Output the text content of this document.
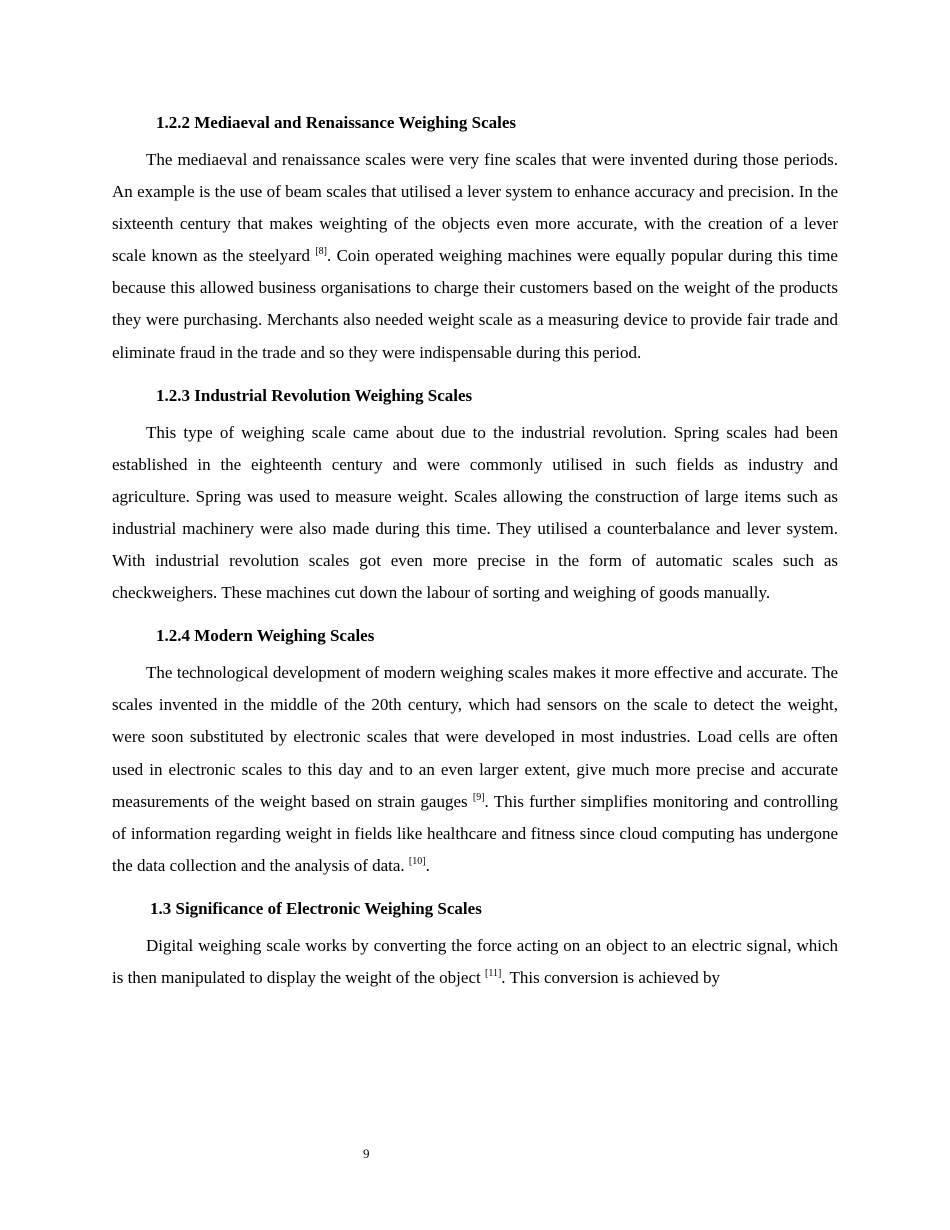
1.2.2 Mediaeval and Renaissance Weighing Scales

The mediaeval and renaissance scales were very fine scales that were invented during those periods. An example is the use of beam scales that utilised a lever system to enhance accuracy and precision. In the sixteenth century that makes weighting of the objects even more accurate, with the creation of a lever scale known as the steelyard [8]. Coin operated weighing machines were equally popular during this time because this allowed business organisations to charge their customers based on the weight of the products they were purchasing. Merchants also needed weight scale as a measuring device to provide fair trade and eliminate fraud in the trade and so they were indispensable during this period.

1.2.3 Industrial Revolution Weighing Scales

This type of weighing scale came about due to the industrial revolution. Spring scales had been established in the eighteenth century and were commonly utilised in such fields as industry and agriculture. Spring was used to measure weight. Scales allowing the construction of large items such as industrial machinery were also made during this time. They utilised a counterbalance and lever system. With industrial revolution scales got even more precise in the form of automatic scales such as checkweighers. These machines cut down the labour of sorting and weighing of goods manually.

1.2.4 Modern Weighing Scales

The technological development of modern weighing scales makes it more effective and accurate. The scales invented in the middle of the 20th century, which had sensors on the scale to detect the weight, were soon substituted by electronic scales that were developed in most industries. Load cells are often used in electronic scales to this day and to an even larger extent, give much more precise and accurate measurements of the weight based on strain gauges [9]. This further simplifies monitoring and controlling of information regarding weight in fields like healthcare and fitness since cloud computing has undergone the data collection and the analysis of data. [10].

1.3 Significance of Electronic Weighing Scales

Digital weighing scale works by converting the force acting on an object to an electric signal, which is then manipulated to display the weight of the object [11]. This conversion is achieved by

9
